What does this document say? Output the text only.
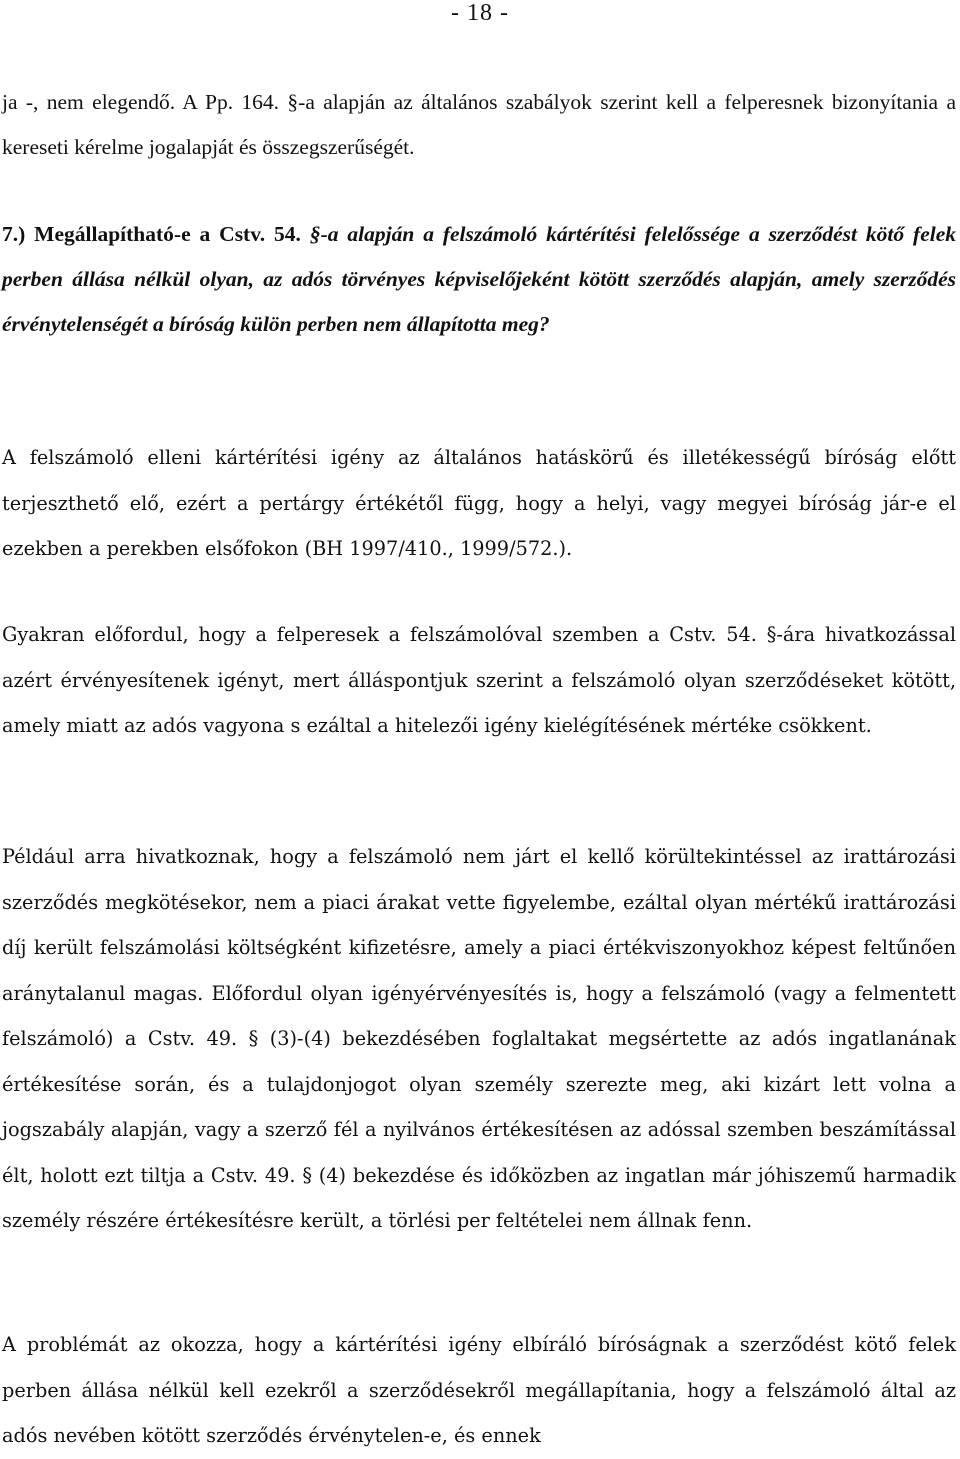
- 18 -

ja -, nem elegendő. A Pp. 164. §-a alapján az általános szabályok szerint kell a felperesnek bizonyítania a kereseti kérelme jogalapját és összegszerűségét.

7.) Megállapítható-e a Cstv. 54. §-a alapján a felszámoló kártérítési felelőssége a szerződést kötő felek perben állása nélkül olyan, az adós törvényes képviselőjeként kötött szerződés alapján, amely szerződés érvénytelenségét a bíróság külön perben nem állapította meg?

A felszámoló elleni kártérítési igény az általános hatáskörű és illetékességű bíróság előtt terjeszthető elő, ezért a pertárgy értékétől függ, hogy a helyi, vagy megyei bíróság jár-e el ezekben a perekben elsőfokon (BH 1997/410., 1999/572.).

Gyakran előfordul, hogy a felperesek a felszámolóval szemben a Cstv. 54. §-ára hivatkozással azért érvényesítenek igényt, mert álláspontjuk szerint a felszámoló olyan szerződéseket kötött, amely miatt az adós vagyona s ezáltal a hitelezői igény kielégítésének mértéke csökkent.

Például arra hivatkoznak, hogy a felszámoló nem járt el kellő körültekintéssel az irattározási szerződés megkötésekor, nem a piaci árakat vette figyelembe, ezáltal olyan mértékű irattározási díj került felszámolási költségként kifizetésre, amely a piaci értékviszonyokhoz képest feltűnően aránytalanul magas. Előfordul olyan igényérvényesítés is, hogy a felszámoló (vagy a felmentett felszámoló) a Cstv. 49. § (3)-(4) bekezdésében foglaltakat megsértette az adós ingatlanának értékesítése során, és a tulajdonjogot olyan személy szerezte meg, aki kizárt lett volna a jogszabály alapján, vagy a szerző fél a nyilvános értékesítésen az adóssal szemben beszámítással élt, holott ezt tiltja a Cstv. 49. § (4) bekezdése és időközben az ingatlan már jóhiszemű harmadik személy részére értékesítésre került, a törlési per feltételei nem állnak fenn.

A problémát az okozza, hogy a kártérítési igény elbíráló bíróságnak a szerződést kötő felek perben állása nélkül kell ezekről a szerződésekről megállapítania, hogy a felszámoló által az adós nevében kötött szerződés érvénytelen-e, és ennek
